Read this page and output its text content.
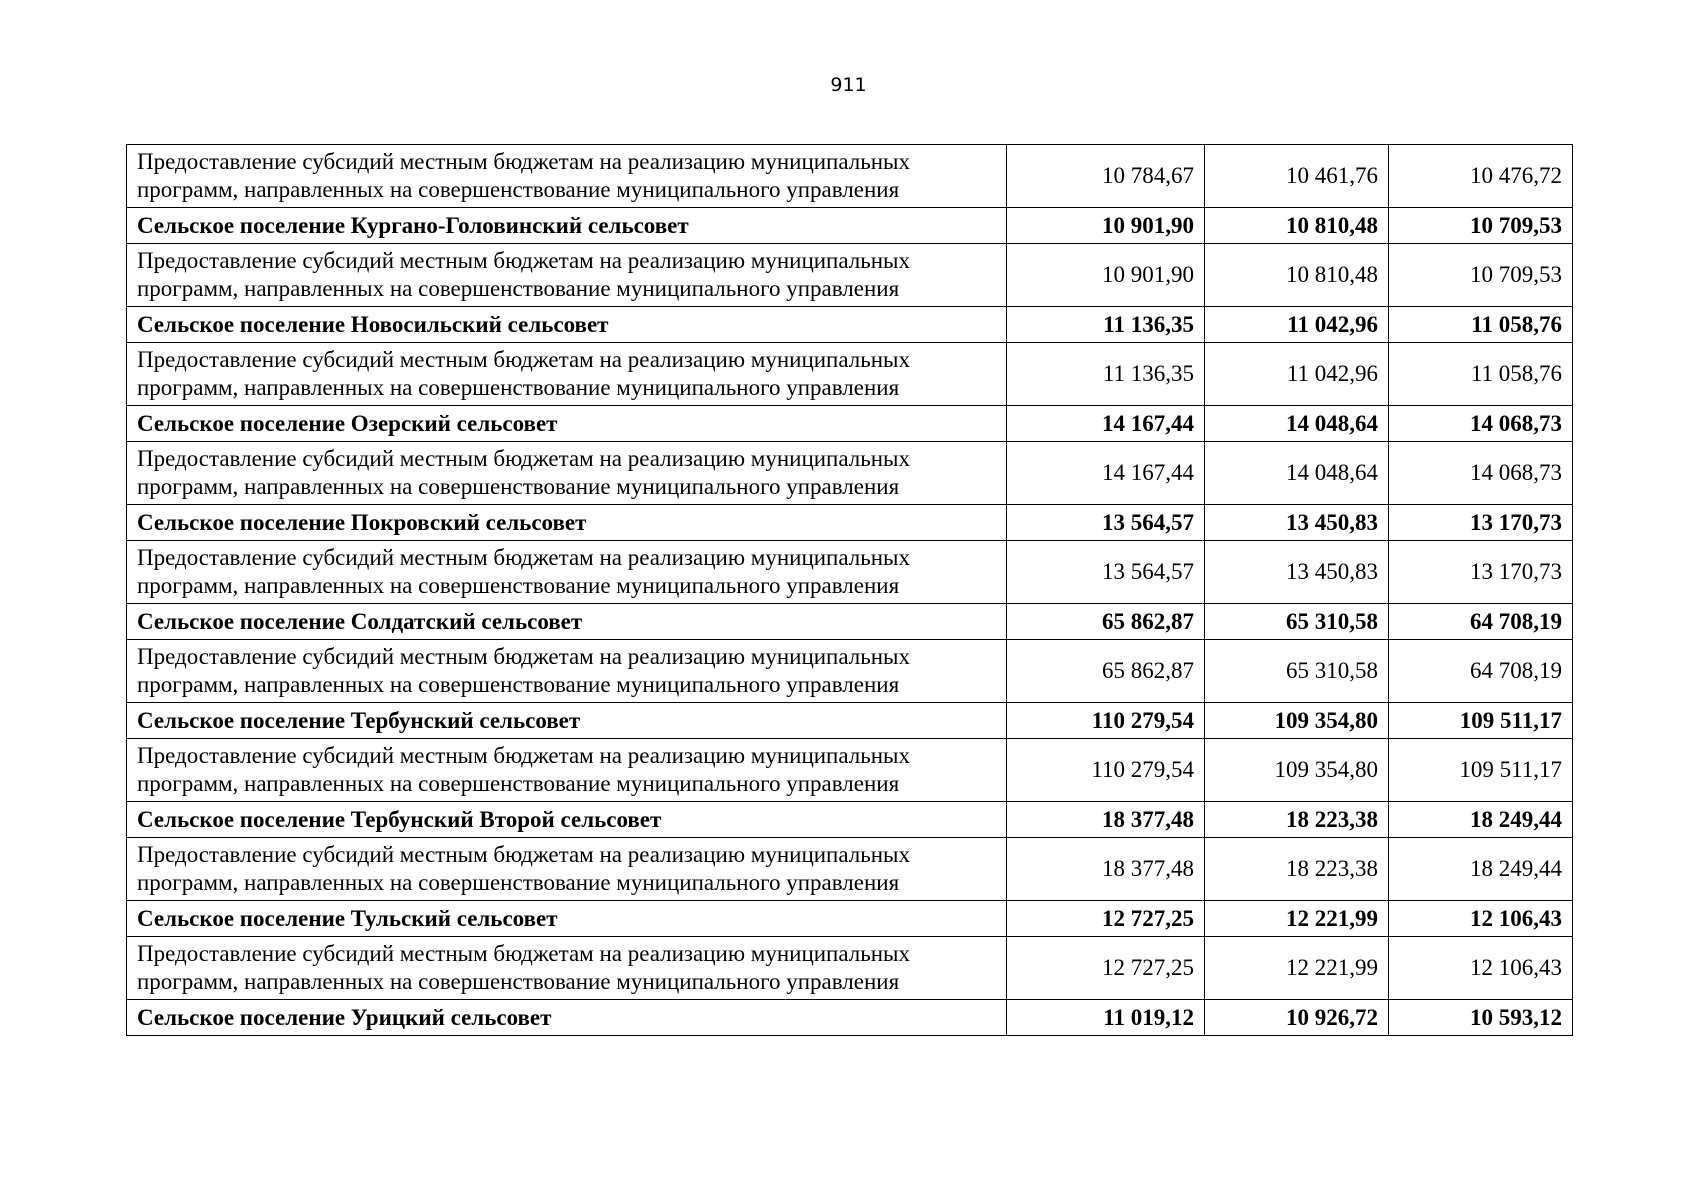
911
Предоставление субсидий местным бюджетам на реализацию муниципальных программ, направленных на совершенствование муниципального управления	10 784,67	10 461,76	10 476,72
Сельское поселение Кургано-Головинский сельсовет	10 901,90	10 810,48	10 709,53
Предоставление субсидий местным бюджетам на реализацию муниципальных программ, направленных на совершенствование муниципального управления	10 901,90	10 810,48	10 709,53
Сельское поселение Новосильский сельсовет	11 136,35	11 042,96	11 058,76
Предоставление субсидий местным бюджетам на реализацию муниципальных программ, направленных на совершенствование муниципального управления	11 136,35	11 042,96	11 058,76
Сельское поселение Озерский сельсовет	14 167,44	14 048,64	14 068,73
Предоставление субсидий местным бюджетам на реализацию муниципальных программ, направленных на совершенствование муниципального управления	14 167,44	14 048,64	14 068,73
Сельское поселение Покровский сельсовет	13 564,57	13 450,83	13 170,73
Предоставление субсидий местным бюджетам на реализацию муниципальных программ, направленных на совершенствование муниципального управления	13 564,57	13 450,83	13 170,73
Сельское поселение Солдатский сельсовет	65 862,87	65 310,58	64 708,19
Предоставление субсидий местным бюджетам на реализацию муниципальных программ, направленных на совершенствование муниципального управления	65 862,87	65 310,58	64 708,19
Сельское поселение Тербунский сельсовет	110 279,54	109 354,80	109 511,17
Предоставление субсидий местным бюджетам на реализацию муниципальных программ, направленных на совершенствование муниципального управления	110 279,54	109 354,80	109 511,17
Сельское поселение Тербунский Второй сельсовет	18 377,48	18 223,38	18 249,44
Предоставление субсидий местным бюджетам на реализацию муниципальных программ, направленных на совершенствование муниципального управления	18 377,48	18 223,38	18 249,44
Сельское поселение Тульский сельсовет	12 727,25	12 221,99	12 106,43
Предоставление субсидий местным бюджетам на реализацию муниципальных программ, направленных на совершенствование муниципального управления	12 727,25	12 221,99	12 106,43
Сельское поселение Урицкий сельсовет	11 019,12	10 926,72	10 593,12
